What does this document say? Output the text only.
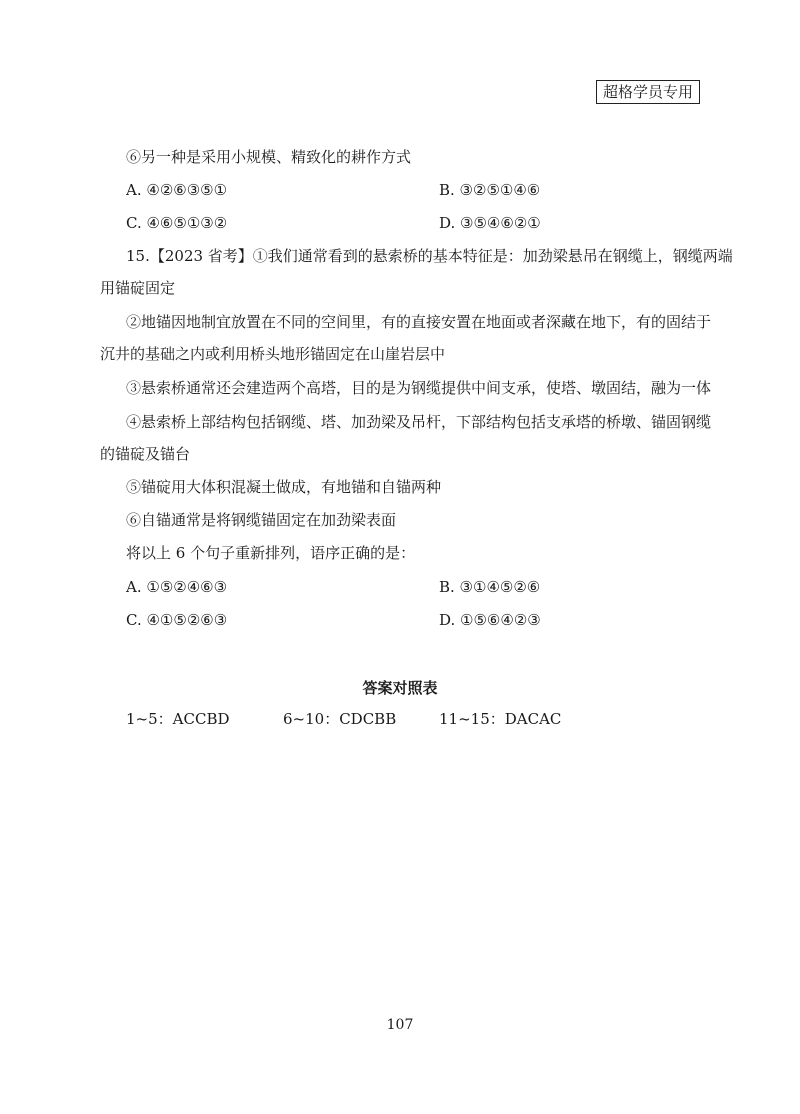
超格学员专用
⑥另一种是采用小规模、精致化的耕作方式
A. ④②⑥③⑤①	B. ③②⑤①④⑥
C. ④⑥⑤①③②	D. ③⑤④⑥②①
15.【2023 省考】①我们通常看到的悬索桥的基本特征是：加劲梁悬吊在钢缆上，钢缆两端
用锚碇固定
②地锚因地制宜放置在不同的空间里，有的直接安置在地面或者深藏在地下，有的固结于
沉井的基础之内或利用桥头地形锚固定在山崖岩层中
③悬索桥通常还会建造两个高塔，目的是为钢缆提供中间支承，使塔、墩固结，融为一体
④悬索桥上部结构包括钢缆、塔、加劲梁及吊杆，下部结构包括支承塔的桥墩、锚固钢缆
的锚碇及锚台
⑤锚碇用大体积混凝土做成，有地锚和自锚两种
⑥自锚通常是将钢缆锚固定在加劲梁表面
将以上 6 个句子重新排列，语序正确的是：
A. ①⑤②④⑥③	B. ③①④⑤②⑥
C. ④①⑤②⑥③	D. ①⑤⑥④②③
答案对照表
1~5：ACCBD	6~10：CDCBB	11~15：DACAC
107
